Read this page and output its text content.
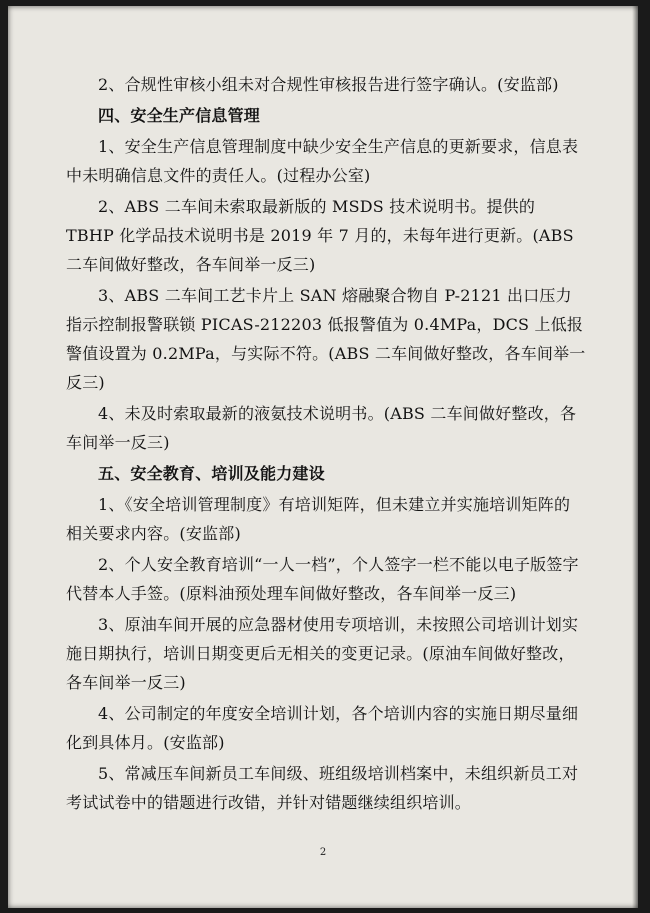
2、合规性审核小组未对合规性审核报告进行签字确认。(安监部)

四、安全生产信息管理

1、安全生产信息管理制度中缺少安全生产信息的更新要求，信息表中未明确信息文件的责任人。(过程办公室)

2、ABS 二车间未索取最新版的 MSDS 技术说明书。提供的 TBHP 化学品技术说明书是 2019 年 7 月的，未每年进行更新。(ABS 二车间做好整改，各车间举一反三)

3、ABS 二车间工艺卡片上 SAN 熔融聚合物自 P-2121 出口压力指示控制报警联锁 PICAS-212203 低报警值为 0.4MPa，DCS 上低报警值设置为 0.2MPa，与实际不符。(ABS 二车间做好整改，各车间举一反三)

4、未及时索取最新的液氨技术说明书。(ABS 二车间做好整改，各车间举一反三)

五、安全教育、培训及能力建设

1、《安全培训管理制度》有培训矩阵，但未建立并实施培训矩阵的相关要求内容。(安监部)

2、个人安全教育培训“一人一档”，个人签字一栏不能以电子版签字代替本人手签。(原料油预处理车间做好整改，各车间举一反三)

3、原油车间开展的应急器材使用专项培训，未按照公司培训计划实施日期执行，培训日期变更后无相关的变更记录。(原油车间做好整改，各车间举一反三)

4、公司制定的年度安全培训计划，各个培训内容的实施日期尽量细化到具体月。(安监部)

5、常减压车间新员工车间级、班组级培训档案中，未组织新员工对考试试卷中的错题进行改错，并针对错题继续组织培训。

2
